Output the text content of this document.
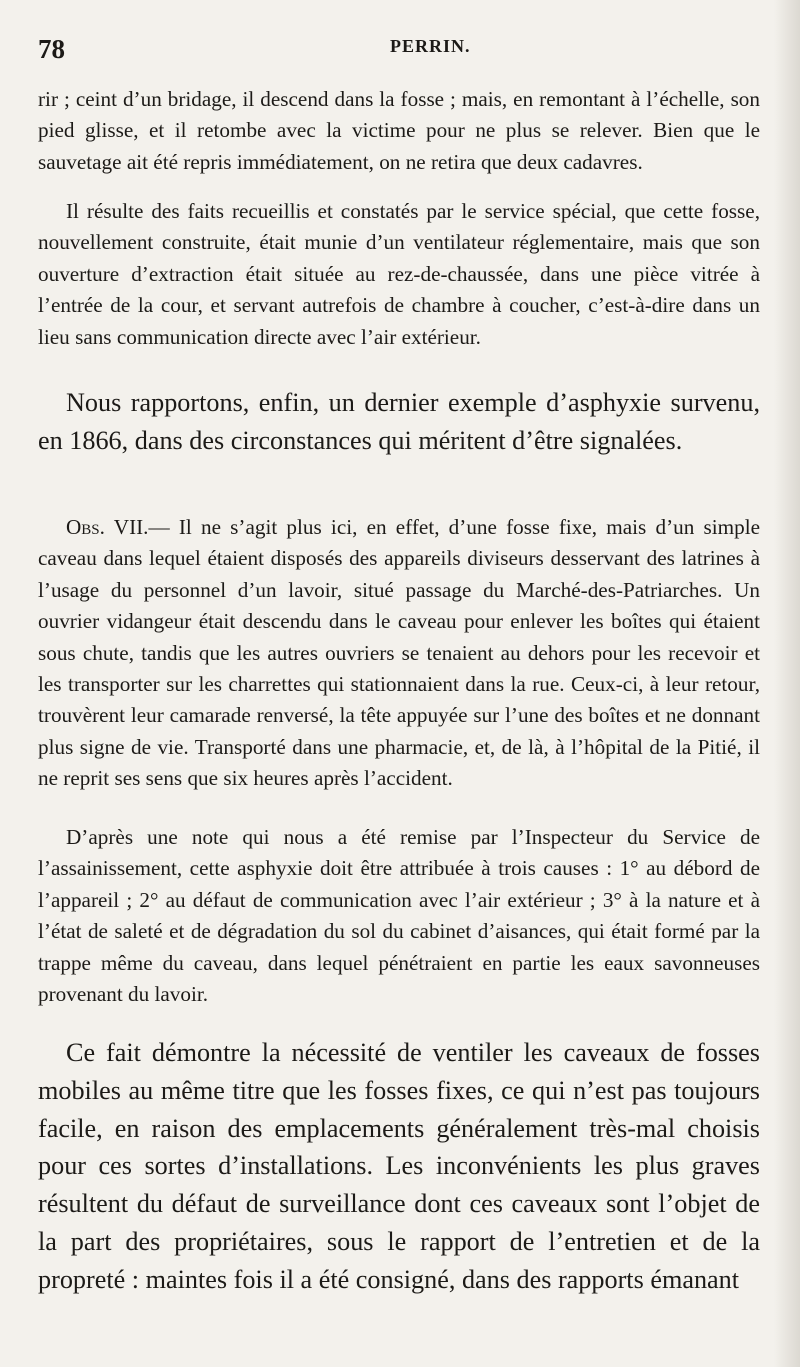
78	PERRIN.

rir ; ceint d’un bridage, il descend dans la fosse ; mais, en remontant à l’échelle, son pied glisse, et il retombe avec la victime pour ne plus se relever. Bien que le sauvetage ait été repris immédiatement, on ne retira que deux cadavres.

Il résulte des faits recueillis et constatés par le service spécial, que cette fosse, nouvellement construite, était munie d’un ventilateur réglementaire, mais que son ouverture d’extraction était située au rez-de-chaussée, dans une pièce vitrée à l’entrée de la cour, et servant autrefois de chambre à coucher, c’est-à-dire dans un lieu sans communication directe avec l’air extérieur.

Nous rapportons, enfin, un dernier exemple d’asphyxie survenu, en 1866, dans des circonstances qui méritent d’être signalées.

Obs. VII.— Il ne s’agit plus ici, en effet, d’une fosse fixe, mais d’un simple caveau dans lequel étaient disposés des appareils diviseurs desservant des latrines à l’usage du personnel d’un lavoir, situé passage du Marché-des-Patriarches. Un ouvrier vidangeur était descendu dans le caveau pour enlever les boîtes qui étaient sous chute, tandis que les autres ouvriers se tenaient au dehors pour les recevoir et les transporter sur les charrettes qui stationnaient dans la rue. Ceux-ci, à leur retour, trouvèrent leur camarade renversé, la tête appuyée sur l’une des boîtes et ne donnant plus signe de vie. Transporté dans une pharmacie, et, de là, à l’hôpital de la Pitié, il ne reprit ses sens que six heures après l’accident.

D’après une note qui nous a été remise par l’Inspecteur du Service de l’assainissement, cette asphyxie doit être attribuée à trois causes : 1° au débord de l’appareil ; 2° au défaut de communication avec l’air extérieur ; 3° à la nature et à l’état de saleté et de dégradation du sol du cabinet d’aisances, qui était formé par la trappe même du caveau, dans lequel pénétraient en partie les eaux savonneuses provenant du lavoir.

Ce fait démontre la nécessité de ventiler les caveaux de fosses mobiles au même titre que les fosses fixes, ce qui n’est pas toujours facile, en raison des emplacements généralement très-mal choisis pour ces sortes d’installations. Les inconvénients les plus graves résultent du défaut de surveillance dont ces caveaux sont l’objet de la part des propriétaires, sous le rapport de l’entretien et de la propreté : maintes fois il a été consigné, dans des rapports émanant
